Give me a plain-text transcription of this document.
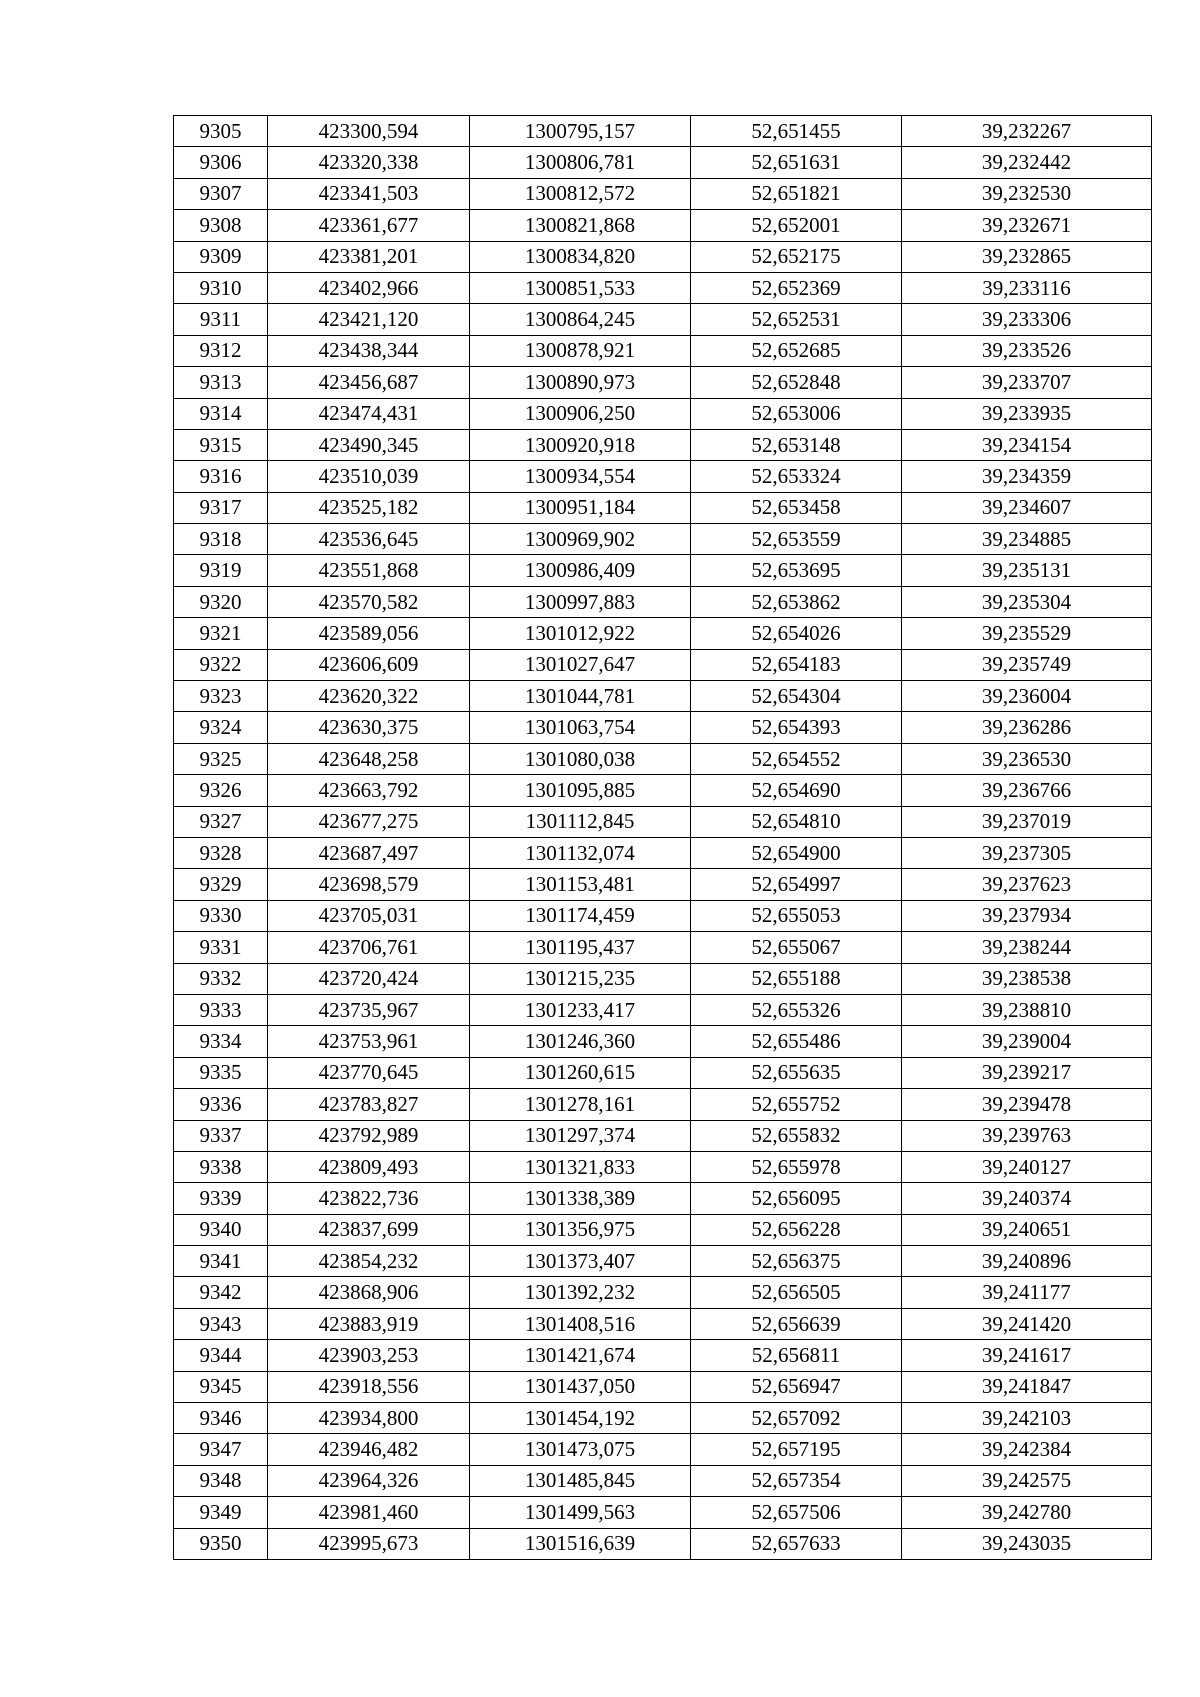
9305	423300,594	1300795,157	52,651455	39,232267
9306	423320,338	1300806,781	52,651631	39,232442
9307	423341,503	1300812,572	52,651821	39,232530
9308	423361,677	1300821,868	52,652001	39,232671
9309	423381,201	1300834,820	52,652175	39,232865
9310	423402,966	1300851,533	52,652369	39,233116
9311	423421,120	1300864,245	52,652531	39,233306
9312	423438,344	1300878,921	52,652685	39,233526
9313	423456,687	1300890,973	52,652848	39,233707
9314	423474,431	1300906,250	52,653006	39,233935
9315	423490,345	1300920,918	52,653148	39,234154
9316	423510,039	1300934,554	52,653324	39,234359
9317	423525,182	1300951,184	52,653458	39,234607
9318	423536,645	1300969,902	52,653559	39,234885
9319	423551,868	1300986,409	52,653695	39,235131
9320	423570,582	1300997,883	52,653862	39,235304
9321	423589,056	1301012,922	52,654026	39,235529
9322	423606,609	1301027,647	52,654183	39,235749
9323	423620,322	1301044,781	52,654304	39,236004
9324	423630,375	1301063,754	52,654393	39,236286
9325	423648,258	1301080,038	52,654552	39,236530
9326	423663,792	1301095,885	52,654690	39,236766
9327	423677,275	1301112,845	52,654810	39,237019
9328	423687,497	1301132,074	52,654900	39,237305
9329	423698,579	1301153,481	52,654997	39,237623
9330	423705,031	1301174,459	52,655053	39,237934
9331	423706,761	1301195,437	52,655067	39,238244
9332	423720,424	1301215,235	52,655188	39,238538
9333	423735,967	1301233,417	52,655326	39,238810
9334	423753,961	1301246,360	52,655486	39,239004
9335	423770,645	1301260,615	52,655635	39,239217
9336	423783,827	1301278,161	52,655752	39,239478
9337	423792,989	1301297,374	52,655832	39,239763
9338	423809,493	1301321,833	52,655978	39,240127
9339	423822,736	1301338,389	52,656095	39,240374
9340	423837,699	1301356,975	52,656228	39,240651
9341	423854,232	1301373,407	52,656375	39,240896
9342	423868,906	1301392,232	52,656505	39,241177
9343	423883,919	1301408,516	52,656639	39,241420
9344	423903,253	1301421,674	52,656811	39,241617
9345	423918,556	1301437,050	52,656947	39,241847
9346	423934,800	1301454,192	52,657092	39,242103
9347	423946,482	1301473,075	52,657195	39,242384
9348	423964,326	1301485,845	52,657354	39,242575
9349	423981,460	1301499,563	52,657506	39,242780
9350	423995,673	1301516,639	52,657633	39,243035
